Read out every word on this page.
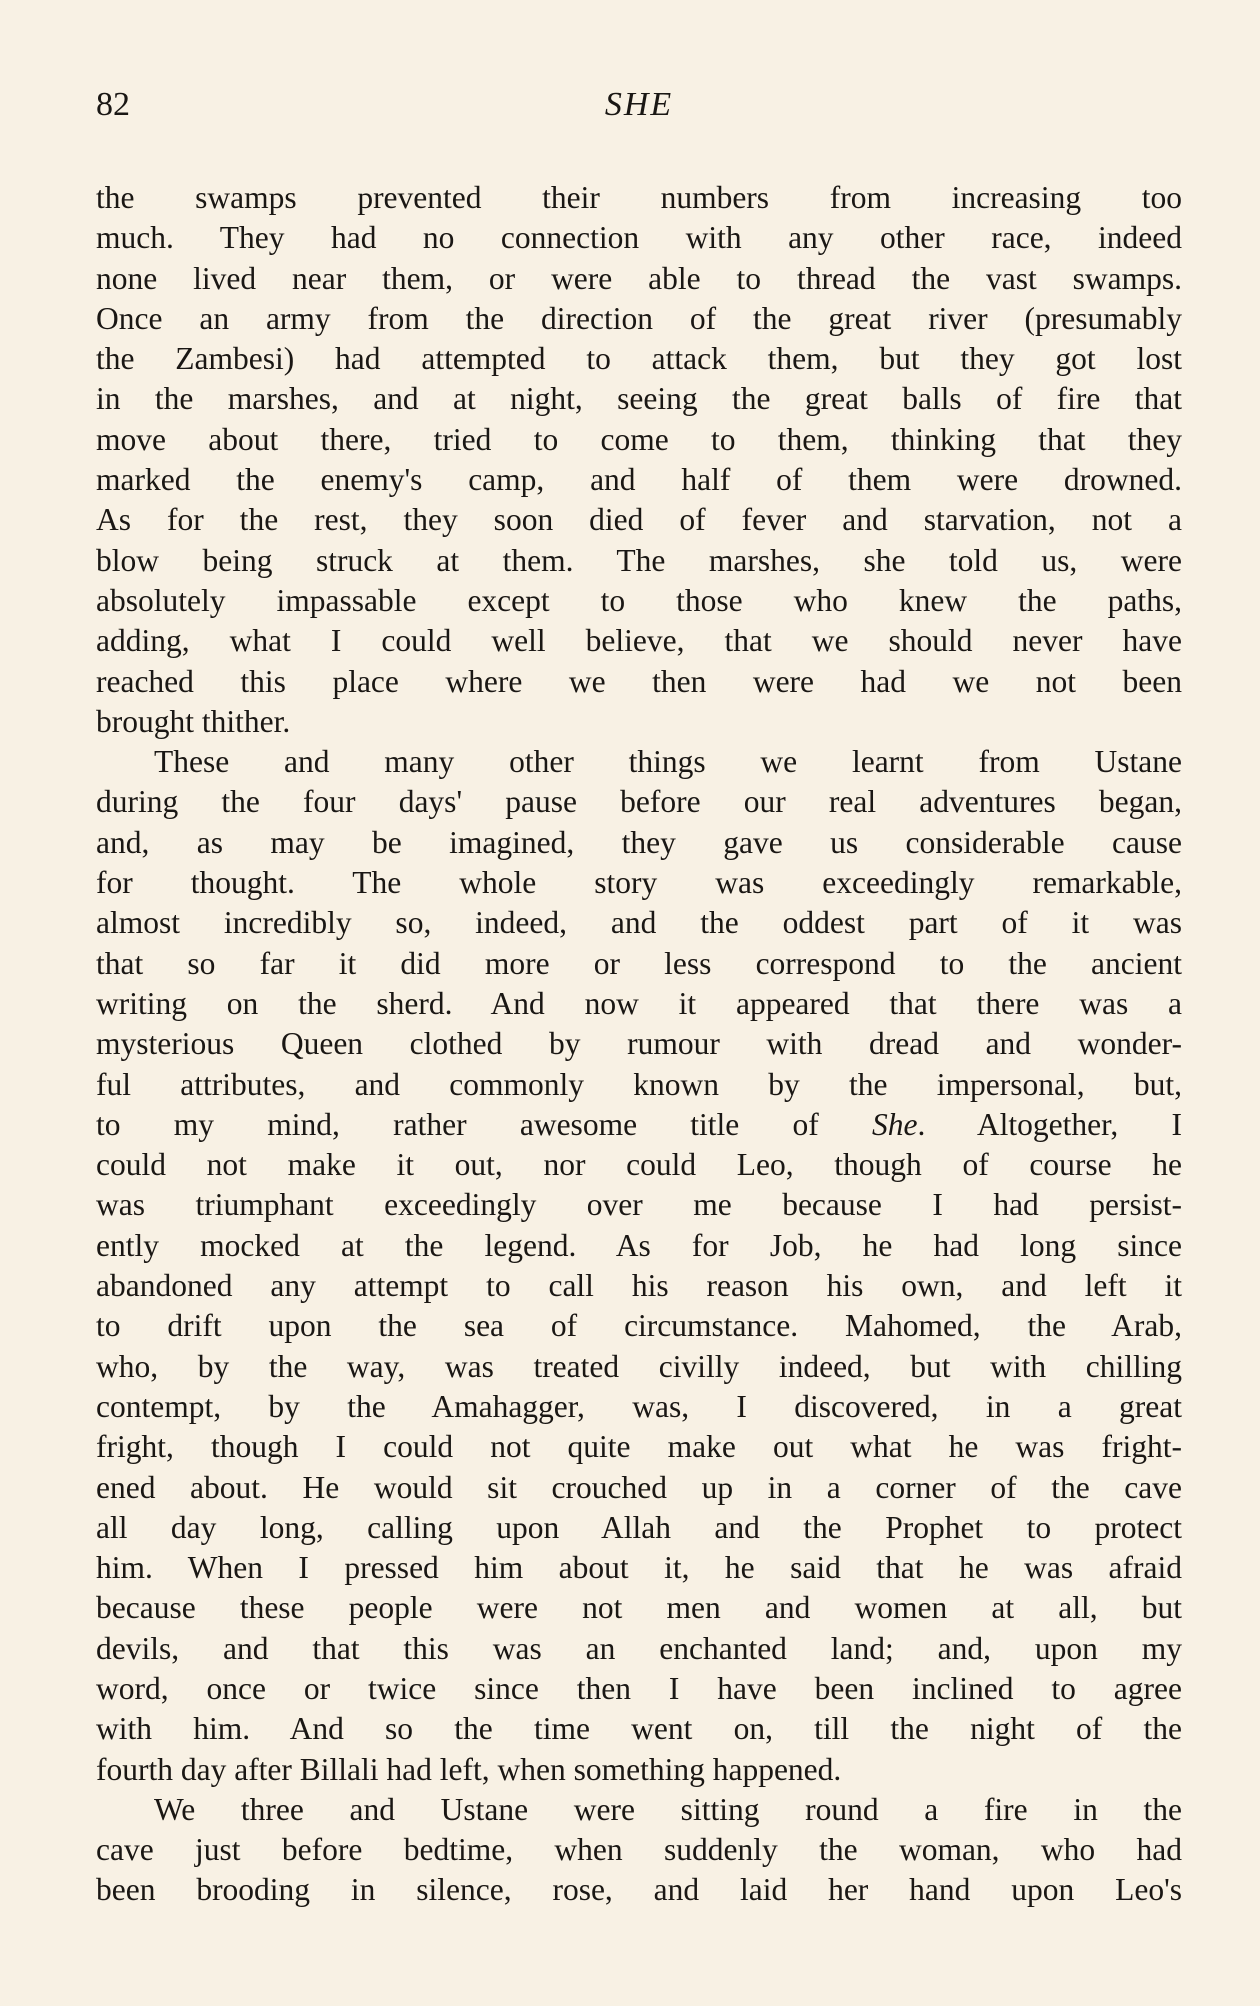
82	SHE
the swamps prevented their numbers from increasing too
much. They had no connection with any other race, indeed
none lived near them, or were able to thread the vast swamps.
Once an army from the direction of the great river (presumably
the Zambesi) had attempted to attack them, but they got lost
in the marshes, and at night, seeing the great balls of fire that
move about there, tried to come to them, thinking that they
marked the enemy's camp, and half of them were drowned.
As for the rest, they soon died of fever and starvation, not a
blow being struck at them. The marshes, she told us, were
absolutely impassable except to those who knew the paths,
adding, what I could well believe, that we should never have
reached this place where we then were had we not been
brought thither.
These and many other things we learnt from Ustane
during the four days' pause before our real adventures began,
and, as may be imagined, they gave us considerable cause
for thought. The whole story was exceedingly remarkable,
almost incredibly so, indeed, and the oddest part of it was
that so far it did more or less correspond to the ancient
writing on the sherd. And now it appeared that there was a
mysterious Queen clothed by rumour with dread and wonder-
ful attributes, and commonly known by the impersonal, but,
to my mind, rather awesome title of She. Altogether, I
could not make it out, nor could Leo, though of course he
was triumphant exceedingly over me because I had persist-
ently mocked at the legend. As for Job, he had long since
abandoned any attempt to call his reason his own, and left it
to drift upon the sea of circumstance. Mahomed, the Arab,
who, by the way, was treated civilly indeed, but with chilling
contempt, by the Amahagger, was, I discovered, in a great
fright, though I could not quite make out what he was fright-
ened about. He would sit crouched up in a corner of the cave
all day long, calling upon Allah and the Prophet to protect
him. When I pressed him about it, he said that he was afraid
because these people were not men and women at all, but
devils, and that this was an enchanted land; and, upon my
word, once or twice since then I have been inclined to agree
with him. And so the time went on, till the night of the
fourth day after Billali had left, when something happened.
We three and Ustane were sitting round a fire in the
cave just before bedtime, when suddenly the woman, who had
been brooding in silence, rose, and laid her hand upon Leo's
